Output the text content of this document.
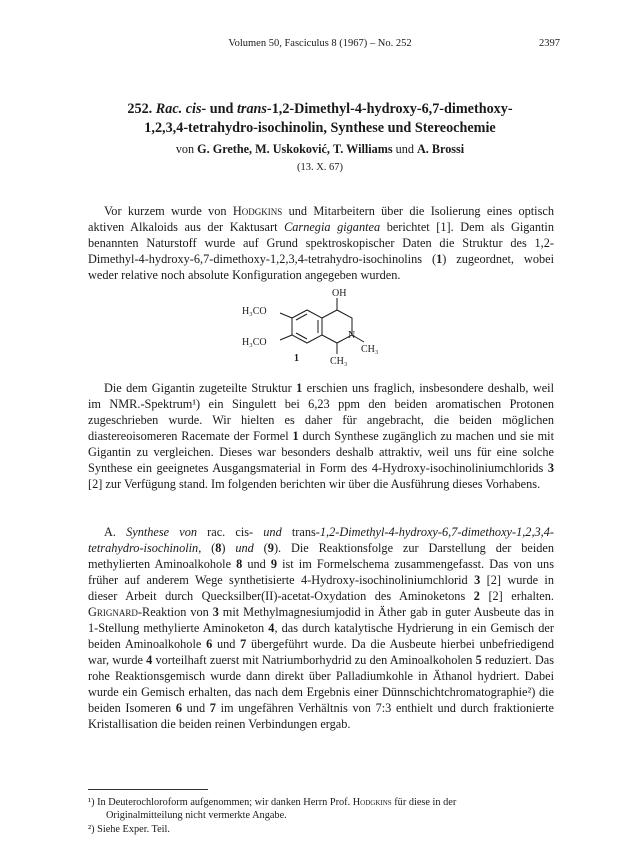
Volumen 50, Fasciculus 8 (1967) – No. 252	2397
252. Rac. cis- und trans-1,2-Dimethyl-4-hydroxy-6,7-dimethoxy-
1,2,3,4-tetrahydro-isochinolin, Synthese und Stereochemie
von G. Grethe, M. Uskoković, T. Williams und A. Brossi
(13. X. 67)

Vor kurzem wurde von Hodgkins und Mitarbeitern über die Isolierung eines optisch aktiven Alkaloids aus der Kaktusart Carnegia gigantea berichtet [1]. Dem als Gigantin benannten Naturstoff wurde auf Grund spektroskopischer Daten die Struktur des 1,2-Dimethyl-4-hydroxy-6,7-dimethoxy-1,2,3,4-tetrahydro-isochinolins (1) zugeordnet, wobei weder relative noch absolute Konfiguration angegeben wurden.

OH
H₃CO
H₃CO
N
CH₃
CH₃
1

Die dem Gigantin zugeteilte Struktur 1 erschien uns fraglich, insbesondere deshalb, weil im NMR.-Spektrum¹) ein Singulett bei 6,23 ppm den beiden aromatischen Protonen zugeschrieben wurde. Wir hielten es daher für angebracht, die beiden möglichen diastereoisomeren Racemate der Formel 1 durch Synthese zugänglich zu machen und sie mit Gigantin zu vergleichen. Dieses war besonders deshalb attraktiv, weil uns für eine solche Synthese ein geeignetes Ausgangsmaterial in Form des 4-Hydroxy-isochinoliniumchlorids 3 [2] zur Verfügung stand. Im folgenden berichten wir über die Ausführung dieses Vorhabens.

A. Synthese von rac. cis- und trans-1,2-Dimethyl-4-hydroxy-6,7-dimethoxy-1,2,3,4-tetrahydro-isochinolin, (8) und (9). Die Reaktionsfolge zur Darstellung der beiden methylierten Aminoalkohole 8 und 9 ist im Formelschema zusammengefasst. Das von uns früher auf anderem Wege synthetisierte 4-Hydroxy-isochinoliniumchlorid 3 [2] wurde in dieser Arbeit durch Quecksilber(II)-acetat-Oxydation des Aminoketons 2 [2] erhalten. Grignard-Reaktion von 3 mit Methylmagnesiumjodid in Äther gab in guter Ausbeute das in 1-Stellung methylierte Aminoketon 4, das durch katalytische Hydrierung in ein Gemisch der beiden Aminoalkohole 6 und 7 übergeführt wurde. Da die Ausbeute hierbei unbefriedigend war, wurde 4 vorteilhaft zuerst mit Natriumborhydrid zu den Aminoalkoholen 5 reduziert. Das rohe Reaktionsgemisch wurde dann direkt über Palladiumkohle in Äthanol hydriert. Dabei wurde ein Gemisch erhalten, das nach dem Ergebnis einer Dünnschichtchromatographie²) die beiden Isomeren 6 und 7 im ungefähren Verhältnis von 7:3 enthielt und durch fraktionierte Kristallisation die beiden reinen Verbindungen ergab.

¹) In Deuterochloroform aufgenommen; wir danken Herrn Prof. Hodgkins für diese in der
Originalmitteilung nicht vermerkte Angabe.
²) Siehe Exper. Teil.
